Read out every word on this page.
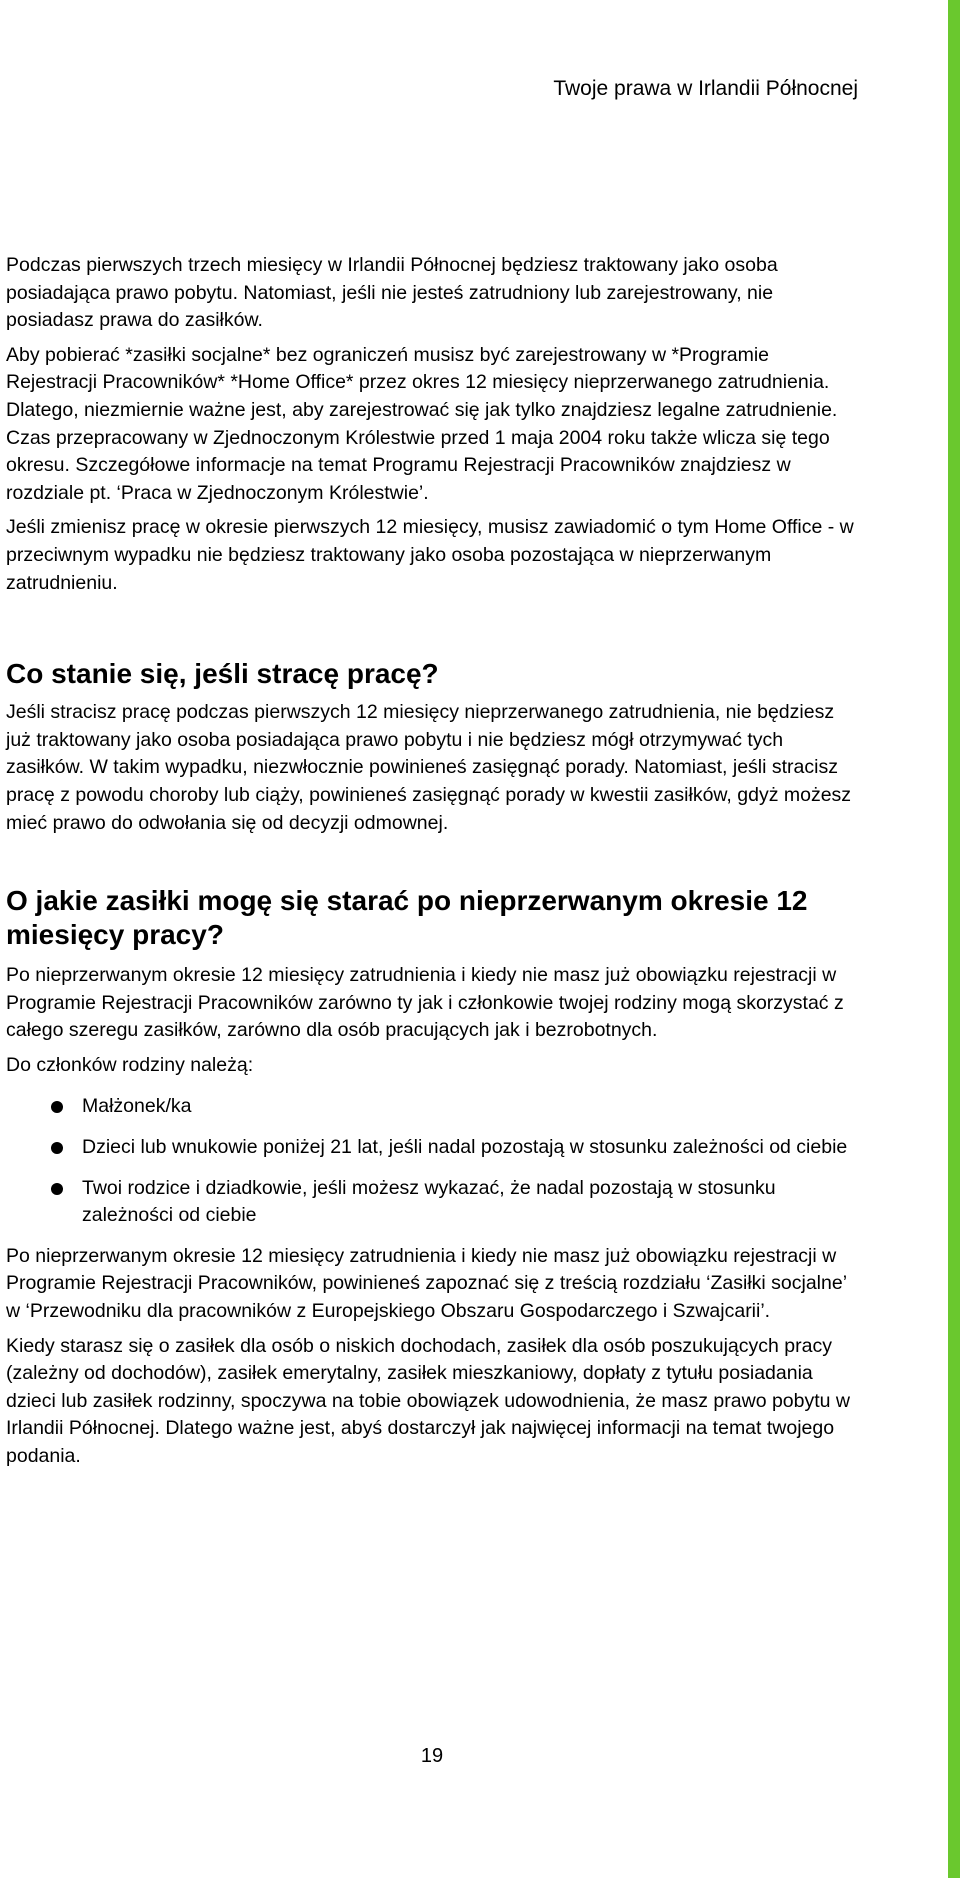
Twoje prawa w Irlandii Północnej

Podczas pierwszych trzech miesięcy w Irlandii Północnej będziesz traktowany jako osoba posiadająca prawo pobytu. Natomiast, jeśli nie jesteś zatrudniony lub zarejestrowany, nie posiadasz prawa do zasiłków.

Aby pobierać *zasiłki socjalne* bez ograniczeń musisz być zarejestrowany w *Programie Rejestracji Pracowników* *Home Office* przez okres 12 miesięcy nieprzerwanego zatrudnienia. Dlatego, niezmiernie ważne jest, aby zarejestrować się jak tylko znajdziesz legalne zatrudnienie. Czas przepracowany w Zjednoczonym Królestwie przed 1 maja 2004 roku także wlicza się tego okresu. Szczegółowe informacje na temat Programu Rejestracji Pracowników znajdziesz w rozdziale pt. ‘Praca w Zjednoczonym Królestwie’.

Jeśli zmienisz pracę w okresie pierwszych 12 miesięcy, musisz zawiadomić o tym Home Office - w przeciwnym wypadku nie będziesz traktowany jako osoba pozostająca w nieprzerwanym zatrudnieniu.

Co stanie się, jeśli stracę pracę?

Jeśli stracisz pracę podczas pierwszych 12 miesięcy nieprzerwanego zatrudnienia, nie będziesz już traktowany jako osoba posiadająca prawo pobytu i nie będziesz mógł otrzymywać tych zasiłków. W takim wypadku, niezwłocznie powinieneś zasięgnąć porady. Natomiast, jeśli stracisz pracę z powodu choroby lub ciąży, powinieneś zasięgnąć porady w kwestii zasiłków, gdyż możesz mieć prawo do odwołania się od decyzji odmownej.

O jakie zasiłki mogę się starać po nieprzerwanym okresie 12 miesięcy pracy?

Po nieprzerwanym okresie 12 miesięcy zatrudnienia i kiedy nie masz już obowiązku rejestracji w Programie Rejestracji Pracowników zarówno ty jak i członkowie twojej rodziny mogą skorzystać z całego szeregu zasiłków, zarówno dla osób pracujących jak i bezrobotnych.

Do członków rodziny należą:

Małżonek/ka
Dzieci lub wnukowie poniżej 21 lat, jeśli nadal pozostają w stosunku zależności od ciebie
Twoi rodzice i dziadkowie, jeśli możesz wykazać, że nadal pozostają w stosunku zależności od ciebie

Po nieprzerwanym okresie 12 miesięcy zatrudnienia i kiedy nie masz już obowiązku rejestracji w Programie Rejestracji Pracowników, powinieneś zapoznać się z treścią rozdziału ‘Zasiłki socjalne’ w ‘Przewodniku dla pracowników z Europejskiego Obszaru Gospodarczego i Szwajcarii’.

Kiedy starasz się o zasiłek dla osób o niskich dochodach, zasiłek dla osób poszukujących pracy (zależny od dochodów), zasiłek emerytalny, zasiłek mieszkaniowy, dopłaty z tytułu posiadania dzieci lub zasiłek rodzinny, spoczywa na tobie obowiązek udowodnienia, że masz prawo pobytu w Irlandii Północnej. Dlatego ważne jest, abyś dostarczył jak najwięcej informacji na temat twojego podania.

19
